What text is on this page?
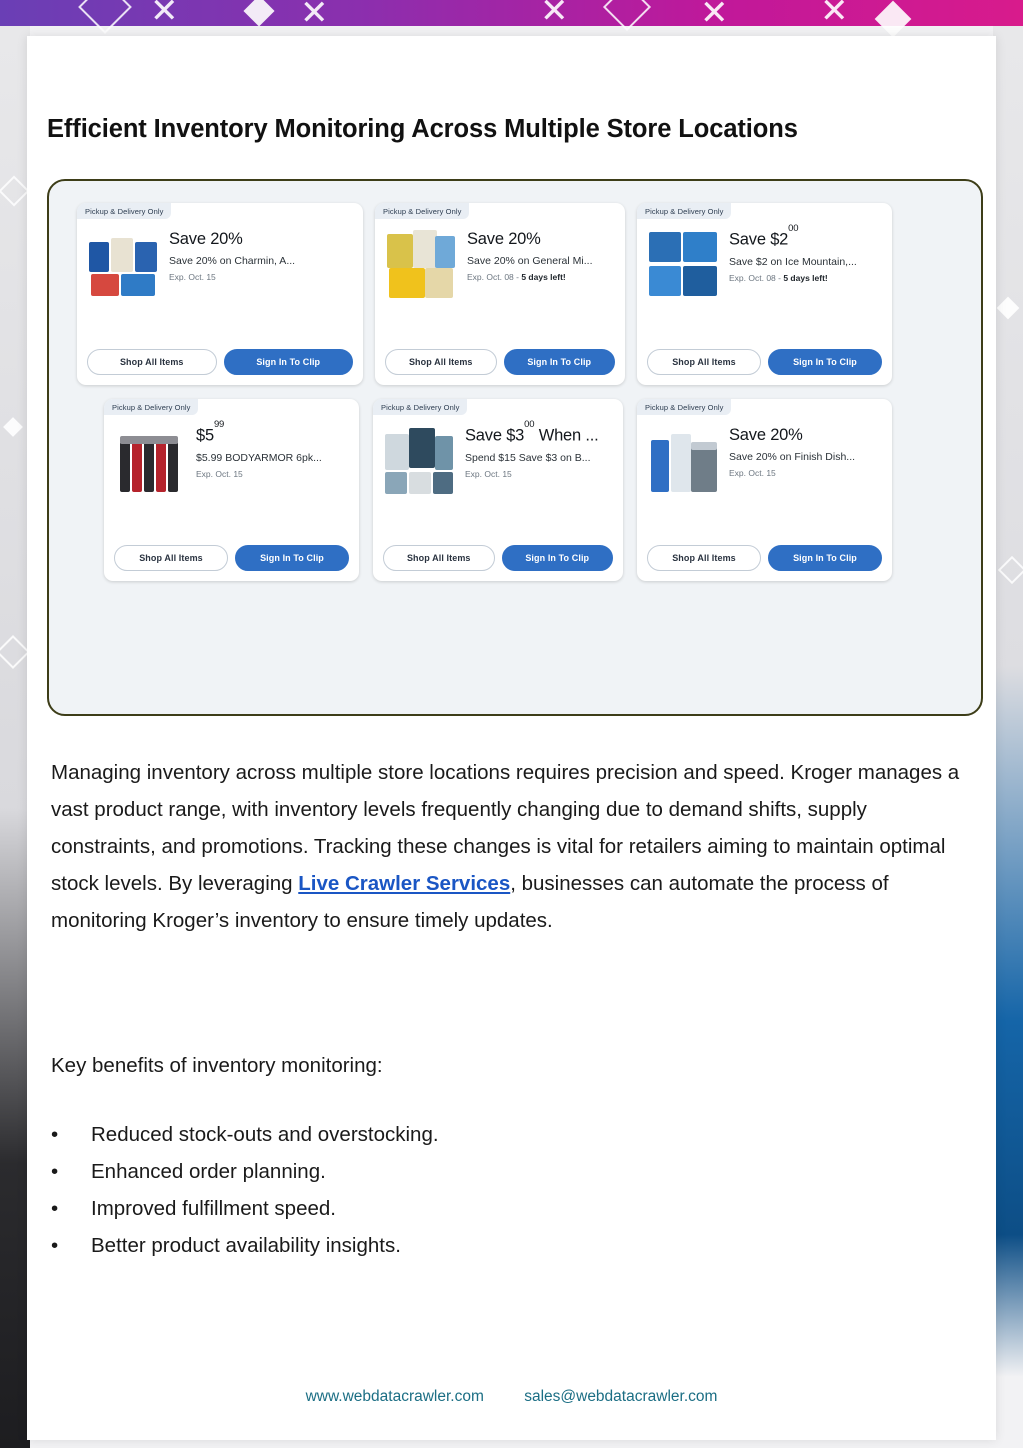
✕	✕	✕	✕	✕
Efficient Inventory Monitoring Across Multiple Store Locations
Pickup & Delivery Only
Save 20%
Save 20% on Charmin, A...
Exp. Oct. 15
Shop All Items	Sign In To Clip
Pickup & Delivery Only
Save 20%
Save 20% on General Mi...
Exp. Oct. 08 - 5 days left!
Shop All Items	Sign In To Clip
Pickup & Delivery Only
Save $\$2^{00}$
Save $2 on Ice Mountain,...
Exp. Oct. 08 - 5 days left!
Shop All Items	Sign In To Clip
Pickup & Delivery Only
$\$5^{99}$
$5.99 BODYARMOR 6pk...
Exp. Oct. 15
Shop All Items	Sign In To Clip
Pickup & Delivery Only
Save $\$3^{00}$ When ...
Spend $15 Save $3 on B...
Exp. Oct. 15
Shop All Items	Sign In To Clip
Pickup & Delivery Only
Save 20%
Save 20% on Finish Dish...
Exp. Oct. 15
Shop All Items	Sign In To Clip
Managing inventory across multiple store locations requires precision and speed. Kroger manages a vast product range, with inventory levels frequently changing due to demand shifts, supply constraints, and promotions. Tracking these changes is vital for retailers aiming to maintain optimal stock levels. By leveraging Live Crawler Services, businesses can automate the process of monitoring Kroger’s inventory to ensure timely updates.
Key benefits of inventory monitoring:
•	Reduced stock-outs and overstocking.
•	Enhanced order planning.
•	Improved fulfillment speed.
•	Better product availability insights.
www.webdatacrawler.com	sales@webdatacrawler.com
